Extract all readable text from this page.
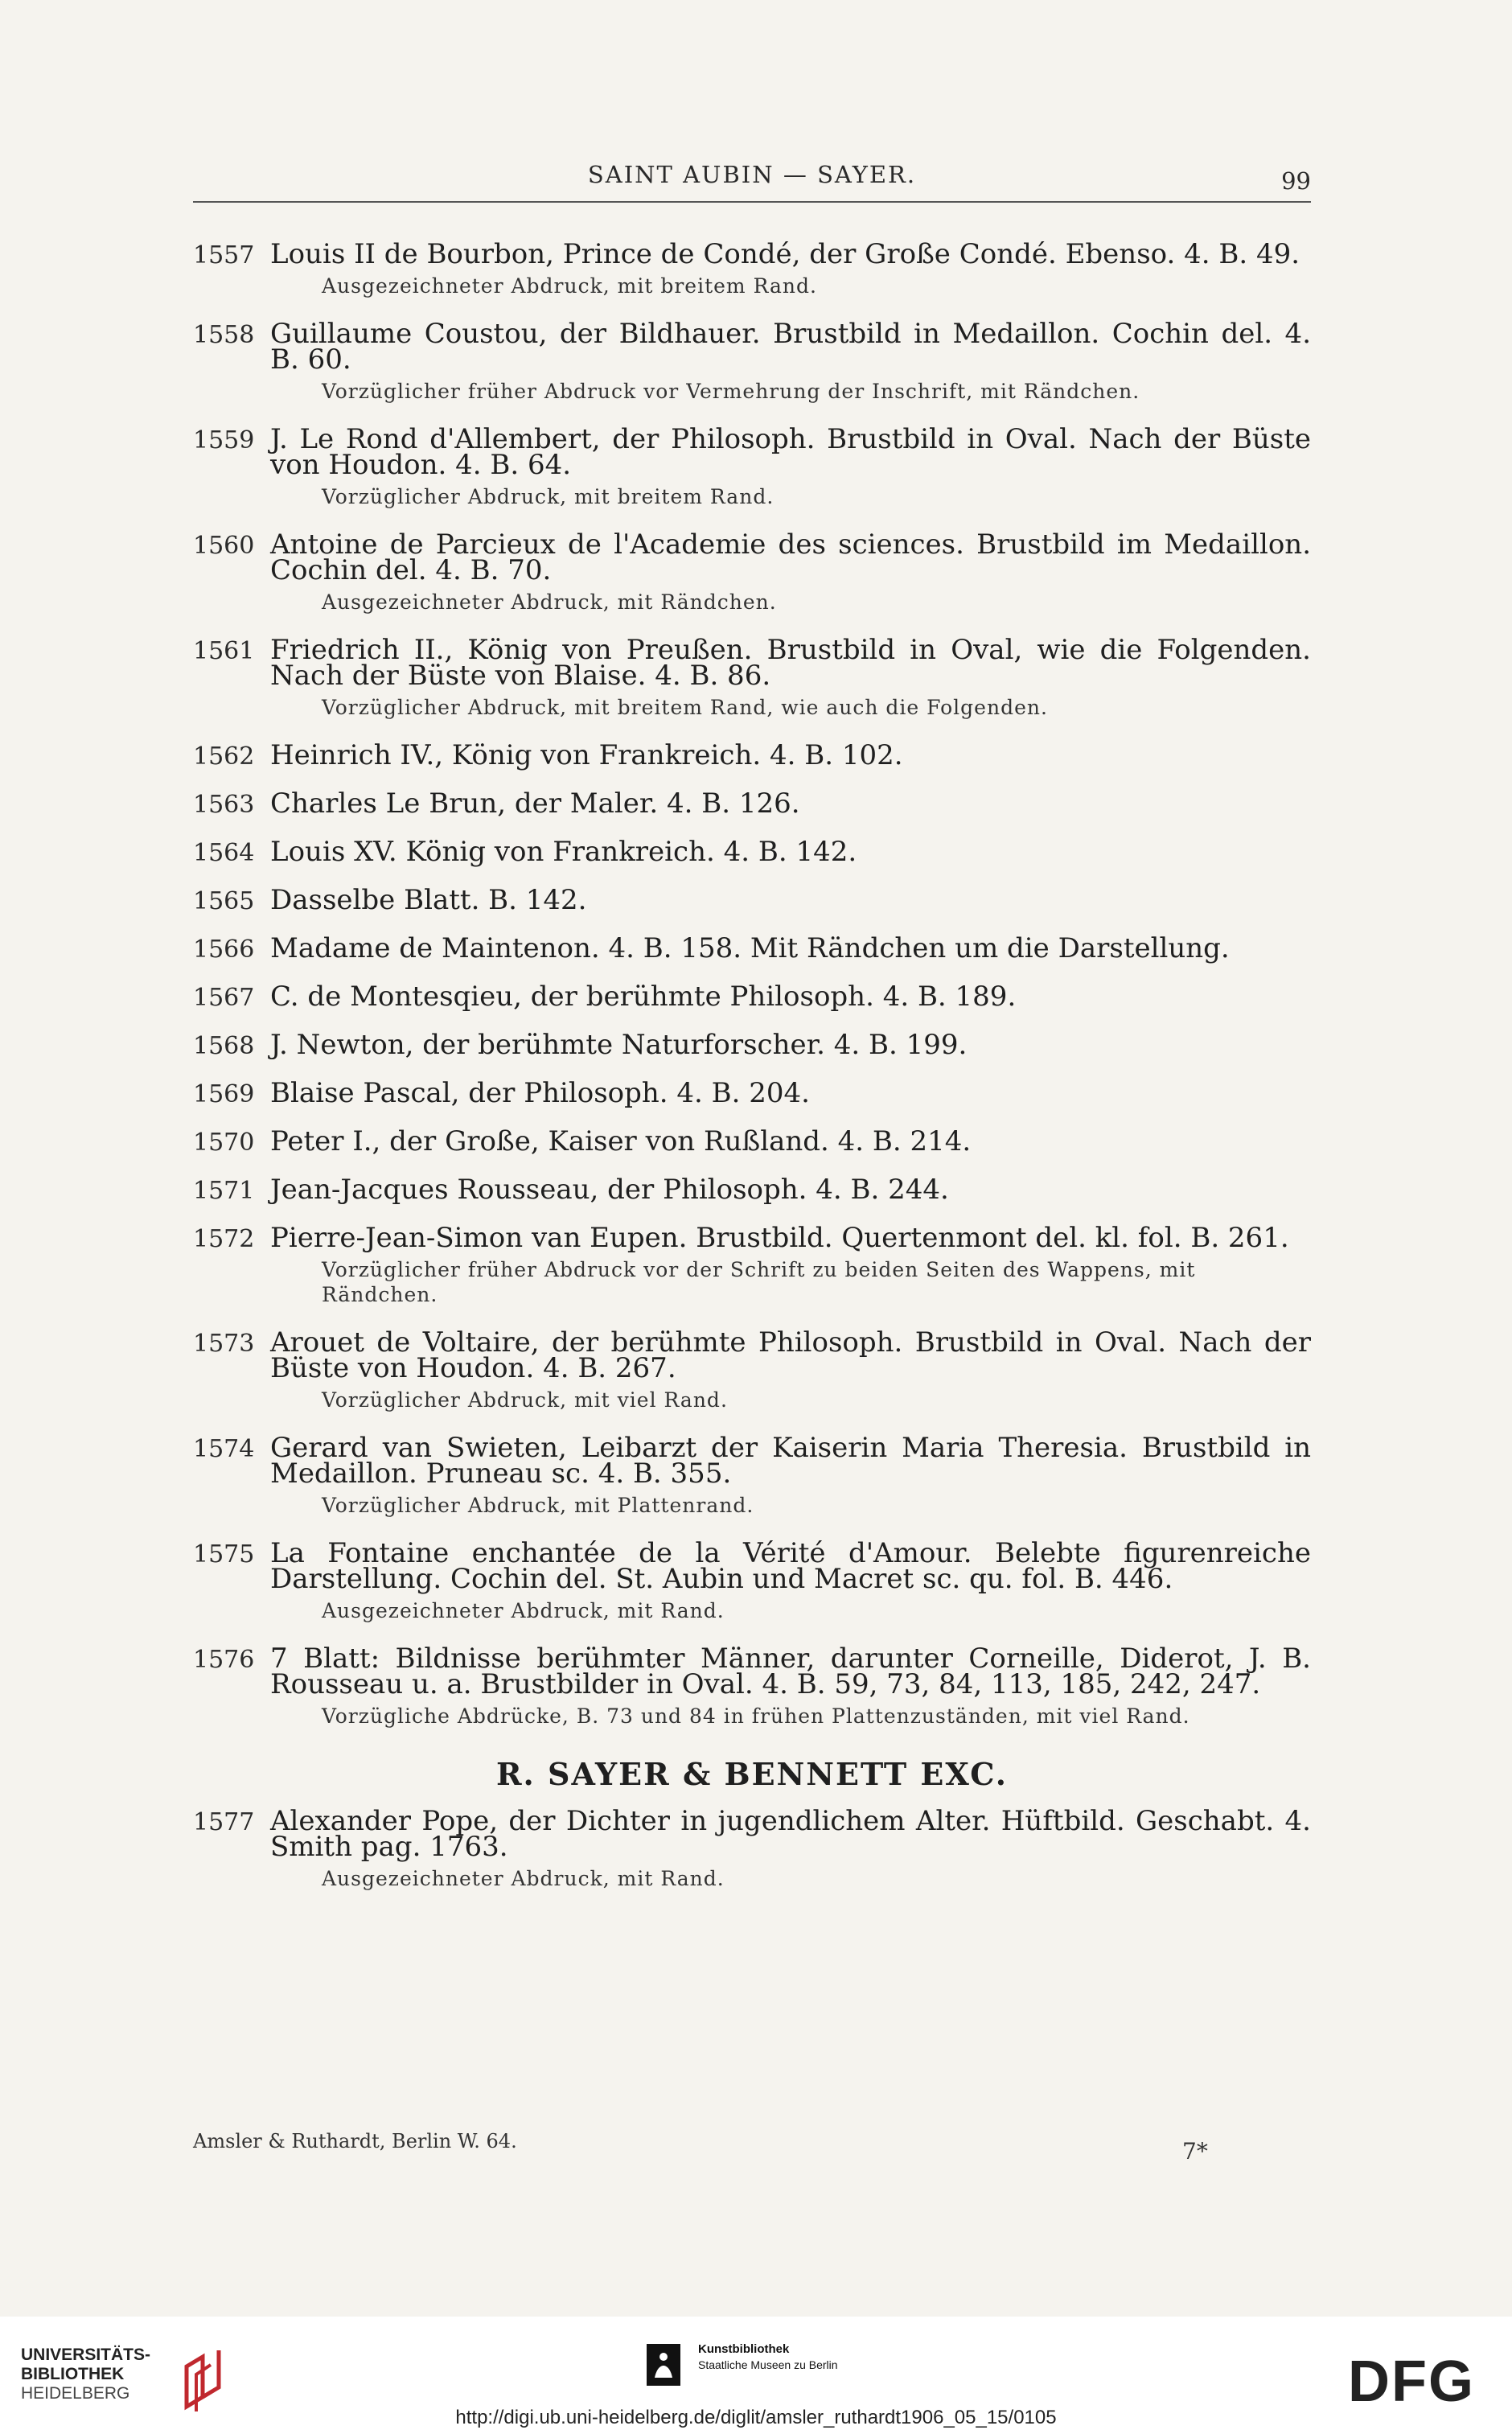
SAINT AUBIN — SAYER.	99
1557 Louis II de Bourbon, Prince de Condé, der Große Condé. Ebenso. 4. B. 49.
Ausgezeichneter Abdruck, mit breitem Rand.
1558 Guillaume Coustou, der Bildhauer. Brustbild in Medaillon. Cochin del. 4. B. 60.
Vorzüglicher früher Abdruck vor Vermehrung der Inschrift, mit Rändchen.
1559 J. Le Rond d'Allembert, der Philosoph. Brustbild in Oval. Nach der Büste von Houdon. 4. B. 64.
Vorzüglicher Abdruck, mit breitem Rand.
1560 Antoine de Parcieux de l'Academie des sciences. Brustbild im Medaillon. Cochin del. 4. B. 70.
Ausgezeichneter Abdruck, mit Rändchen.
1561 Friedrich II., König von Preußen. Brustbild in Oval, wie die Folgenden. Nach der Büste von Blaise. 4. B. 86.
Vorzüglicher Abdruck, mit breitem Rand, wie auch die Folgenden.
1562 Heinrich IV., König von Frankreich. 4. B. 102.
1563 Charles Le Brun, der Maler. 4. B. 126.
1564 Louis XV. König von Frankreich. 4. B. 142.
1565 Dasselbe Blatt. B. 142.
1566 Madame de Maintenon. 4. B. 158. Mit Rändchen um die Darstellung.
1567 C. de Montesqieu, der berühmte Philosoph. 4. B. 189.
1568 J. Newton, der berühmte Naturforscher. 4. B. 199.
1569 Blaise Pascal, der Philosoph. 4. B. 204.
1570 Peter I., der Große, Kaiser von Rußland. 4. B. 214.
1571 Jean-Jacques Rousseau, der Philosoph. 4. B. 244.
1572 Pierre-Jean-Simon van Eupen. Brustbild. Quertenmont del. kl. fol. B. 261.
Vorzüglicher früher Abdruck vor der Schrift zu beiden Seiten des Wappens, mit Rändchen.
1573 Arouet de Voltaire, der berühmte Philosoph. Brustbild in Oval. Nach der Büste von Houdon. 4. B. 267.
Vorzüglicher Abdruck, mit viel Rand.
1574 Gerard van Swieten, Leibarzt der Kaiserin Maria Theresia. Brustbild in Medaillon. Pruneau sc. 4. B. 355.
Vorzüglicher Abdruck, mit Plattenrand.
1575 La Fontaine enchantée de la Vérité d'Amour. Belebte figurenreiche Darstellung. Cochin del. St. Aubin und Macret sc. qu. fol. B. 446.
Ausgezeichneter Abdruck, mit Rand.
1576 7 Blatt: Bildnisse berühmter Männer, darunter Corneille, Diderot, J. B. Rousseau u. a. Brustbilder in Oval. 4. B. 59, 73, 84, 113, 185, 242, 247.
Vorzügliche Abdrücke, B. 73 und 84 in frühen Plattenzuständen, mit viel Rand.
R. SAYER & BENNETT EXC.
1577 Alexander Pope, der Dichter in jugendlichem Alter. Hüftbild. Geschabt. 4. Smith pag. 1763.
Ausgezeichneter Abdruck, mit Rand.
Amsler & Ruthardt, Berlin W. 64.	7*
UNIVERSITÄTS-
BIBLIOTHEK
HEIDELBERG
Kunstbibliothek
Staatliche Museen zu Berlin	DFG
http://digi.ub.uni-heidelberg.de/diglit/amsler_ruthardt1906_05_15/0105
